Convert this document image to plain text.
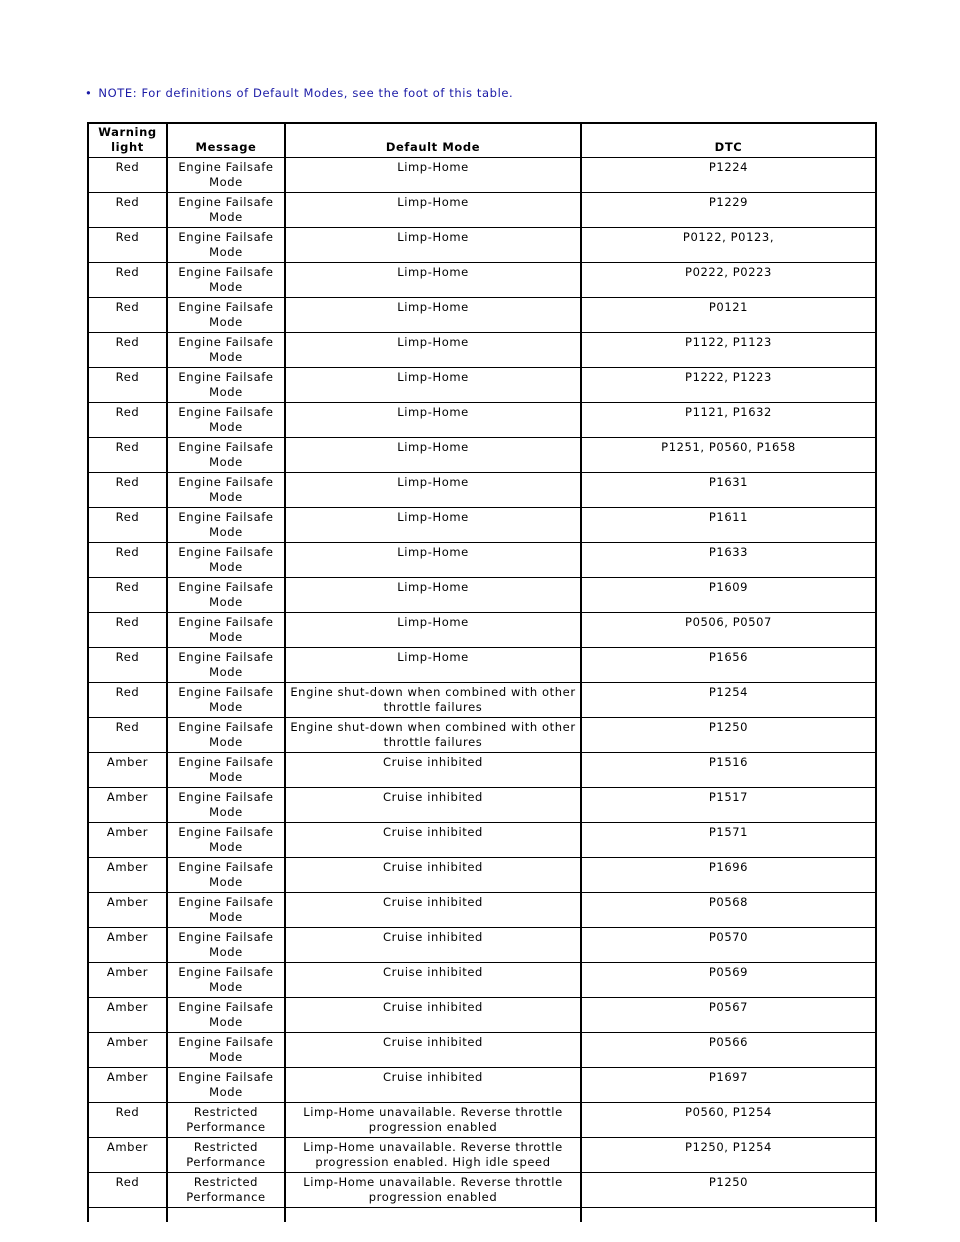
• NOTE: For definitions of Default Modes, see the foot of this table.
Warning light	Message	Default Mode	DTC
Red	Engine Failsafe Mode	Limp-Home	P1224
Red	Engine Failsafe Mode	Limp-Home	P1229
Red	Engine Failsafe Mode	Limp-Home	P0122, P0123,
Red	Engine Failsafe Mode	Limp-Home	P0222, P0223
Red	Engine Failsafe Mode	Limp-Home	P0121
Red	Engine Failsafe Mode	Limp-Home	P1122, P1123
Red	Engine Failsafe Mode	Limp-Home	P1222, P1223
Red	Engine Failsafe Mode	Limp-Home	P1121, P1632
Red	Engine Failsafe Mode	Limp-Home	P1251, P0560, P1658
Red	Engine Failsafe Mode	Limp-Home	P1631
Red	Engine Failsafe Mode	Limp-Home	P1611
Red	Engine Failsafe Mode	Limp-Home	P1633
Red	Engine Failsafe Mode	Limp-Home	P1609
Red	Engine Failsafe Mode	Limp-Home	P0506, P0507
Red	Engine Failsafe Mode	Limp-Home	P1656
Red	Engine Failsafe Mode	Engine shut-down when combined with other throttle failures	P1254
Red	Engine Failsafe Mode	Engine shut-down when combined with other throttle failures	P1250
Amber	Engine Failsafe Mode	Cruise inhibited	P1516
Amber	Engine Failsafe Mode	Cruise inhibited	P1517
Amber	Engine Failsafe Mode	Cruise inhibited	P1571
Amber	Engine Failsafe Mode	Cruise inhibited	P1696
Amber	Engine Failsafe Mode	Cruise inhibited	P0568
Amber	Engine Failsafe Mode	Cruise inhibited	P0570
Amber	Engine Failsafe Mode	Cruise inhibited	P0569
Amber	Engine Failsafe Mode	Cruise inhibited	P0567
Amber	Engine Failsafe Mode	Cruise inhibited	P0566
Amber	Engine Failsafe Mode	Cruise inhibited	P1697
Red	Restricted Performance	Limp-Home unavailable. Reverse throttle progression enabled	P0560, P1254
Amber	Restricted Performance	Limp-Home unavailable. Reverse throttle progression enabled. High idle speed	P1250, P1254
Red	Restricted Performance	Limp-Home unavailable. Reverse throttle progression enabled	P1250
